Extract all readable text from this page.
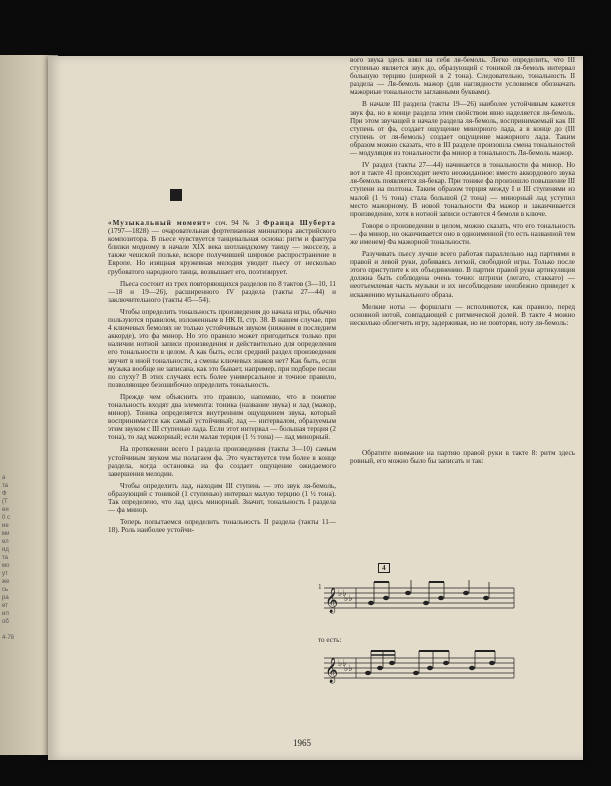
а
та
Ф
(Т
еи
0 с
ие
ми
ел
ид
та
мо
ут
же
сь
ра
ет
ил
об
4-78

«Музыкальный момент» соч. 94 № 3 Франца Шуберта (1797—1828) — очаровательная фортепианная миниатюра австрийского композитора. В пьесе чувствуется танцевальная основа: ритм и фактура близки модному в начале XIX века шотландскому танцу — экоссезу, а также чешской польке, вскоре получившей широкое распространение в Европе. Но изящная кружевная мелодия уводит пьесу от несколько грубоватого народного танца, возвышает его, поэтизирует.

Пьеса состоит из трех повторяющихся разделов по 8 тактов (3—10, 11—18 и 19—26), расширенного IV раздела (такты 27—44) и заключительного (такты 45—54).

Чтобы определить тональность произведения до начала игры, обычно пользуются правилом, изложенным в НК II, стр. 38. В нашем случае, при 4 ключевых бемолях не только устойчивым звуком (нижним в последнем аккорде), это фа минор. Но это правило может пригодиться только при наличии нотной записи произведения и действительно для определения его тональности в целом. А как быть, если средний раздел произведения звучит в иной тональности, а смены ключевых знаков нет? Как быть, если музыка вообще не записана, как это бывает, например, при подборе песни по слуху? В этих случаях есть более универсальное и точное правило, позволяющее безошибочно определить тональность.

Прежде чем объяснить это правило, напомню, что в понятие тональность входят два элемента: тоника (название звука) и лад (мажор, минор). Тоника определяется внутренним ощущением звука, который воспринимается как самый устойчивый; лад — интервалом, образуемым этим звуком с III ступенью лада. Если этот интервал — большая терция (2 тона), то лад мажорный; если малая терция (1 ½ тона) — лад минорный.

На протяжении всего I раздела произведения (такты 3—10) самым устойчивым звуком мы полагаем фа. Это чувствуется тем более в конце раздела, когда остановка на фа создает ощущение ожидаемого завершения мелодии.

Чтобы определить лад, находим III ступень — это звук ля-бемоль, образующий с тоникой (1 ступенью) интервал малую терцию (1 ½ тона). Так определено, что лад здесь минорный. Значит, тональность I раздела — фа минор.

Теперь попытаемся определить тональность II раздела (такты 11—18). Роль наиболее устойчи-

вого звука здесь взял на себя ля-бемоль. Легко определить, что III ступенью является звук до, образующий с тоникой ля-бемоль интервал большую терцию (ширной в 2 тона). Следовательно, тональность II раздела — Ля-бемоль мажор (для наглядности условимся обозначать мажорные тональности заглавными буквами).

В начале III раздела (такты 19—26) наиболее устойчивым кажется звук фа, но в конце раздела этим свойством явно наделяется ля-бемоль. При этом звучащей в начале раздела ля-бемоль, воспринимаемый как III ступень от фа, создает ощущение минорного лада, а в конце до (III ступень от ля-бемоль) создает ощущение мажорного лада. Таким образом можно сказать, что в III разделе произошла смена тональностей — модуляция из тональности фа минор в тональность Ля-бемоль мажор.

IV раздел (такты 27—44) начинается в тональности фа минор. Но вот в такте 41 происходит нечто неожиданное: вместо аккордового звука ля-бемоль появляется ля-бекар. При тонике фа произошло повышение III ступени на полтона. Таким образом терция между I и III ступенями из малой (1 ½ тона) стала большой (2 тона) — минорный лад уступил место мажорному. В новой тональности Фа мажор и заканчивается произведение, хотя в нотной записи остаются 4 бемоля в ключе.

Говоря о произведении в целом, можно сказать, что его тональность — фа минор, но оканчивается оно в одноименной (то есть названной тем же именем) Фа мажорной тональности.

Разучивать пьесу лучше всего работая параллельно над партиями в правой и левой руки, добиваясь легкой, свободной игры. Только после этого приступите к их объединению. В партии правой руки артикуляция должна быть соблюдена очень точно: штрихи (легато, стаккато) — неотъемлемая часть музыки и их несоблюдение неизбежно приведет к искажению музыкального образа.

Мелкие ноты — форшлаги — исполняются, как правило, перед основной нотой, совпадающей с ритмической долей. В такте 4 можно несколько облегчить игру, задерживая, но не повторяя, ноту ля-бемоль:

Обратите внимание на партию правой руки в такте 8: ритм здесь ровный, его можно было бы записать и так:

𝄞 ♭♭
♭♭
1
4
то есть:
𝄞 ♭♭
♭♭
1965
